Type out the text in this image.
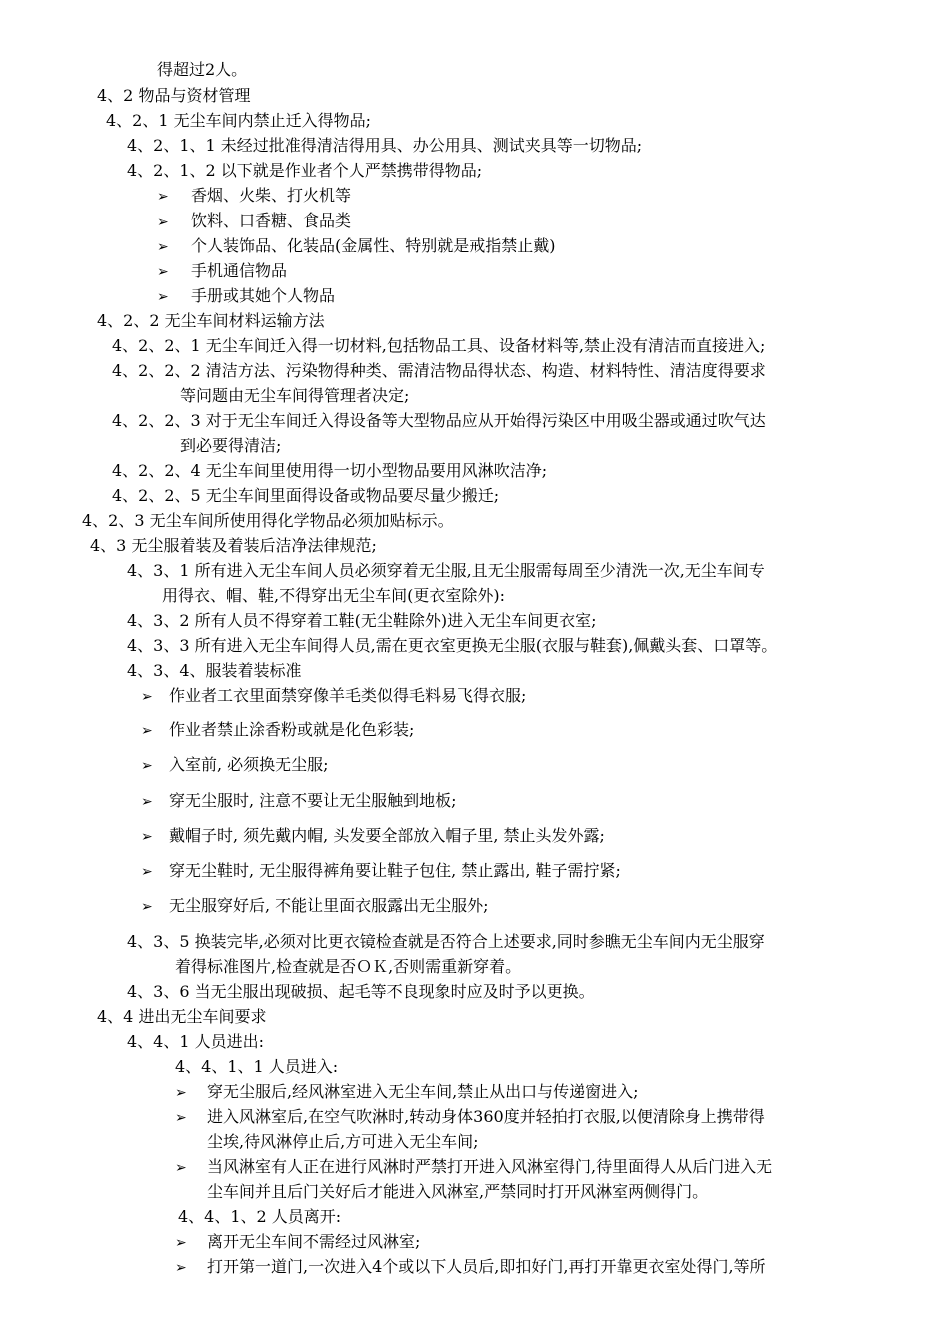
得超过2人。
4、2 物品与资材管理
4、2、1 无尘车间内禁止迁入得物品;
4、2、1、1 未经过批准得清洁得用具、办公用具、测试夹具等一切物品;
4、2、1、2 以下就是作业者个人严禁携带得物品;
➢ 香烟、火柴、打火机等
➢ 饮料、口香糖、食品类
➢ 个人装饰品、化装品(金属性、特别就是戒指禁止戴)
➢ 手机通信物品
➢ 手册或其她个人物品
4、2、2 无尘车间材料运输方法
4、2、2、1 无尘车间迁入得一切材料,包括物品工具、设备材料等,禁止没有清洁而直接进入;
4、2、2、2 清洁方法、污染物得种类、需清洁物品得状态、构造、材料特性、清洁度得要求
等问题由无尘车间得管理者决定;
4、2、2、3 对于无尘车间迁入得设备等大型物品应从开始得污染区中用吸尘器或通过吹气达
到必要得清洁;
4、2、2、4 无尘车间里使用得一切小型物品要用风淋吹洁净;
4、2、2、5 无尘车间里面得设备或物品要尽量少搬迁;
4、2、3 无尘车间所使用得化学物品必须加贴标示。
4、3 无尘服着装及着装后洁净法律规范;
4、3、1 所有进入无尘车间人员必须穿着无尘服,且无尘服需每周至少清洗一次,无尘车间专
用得衣、帽、鞋,不得穿出无尘车间(更衣室除外):
4、3、2 所有人员不得穿着工鞋(无尘鞋除外)进入无尘车间更衣室;
4、3、3 所有进入无尘车间得人员,需在更衣室更换无尘服(衣服与鞋套),佩戴头套、口罩等。
4、3、4、服装着装标准
➢ 作业者工衣里面禁穿像羊毛类似得毛料易飞得衣服;
➢ 作业者禁止涂香粉或就是化色彩装;
➢ 入室前, 必须换无尘服;
➢ 穿无尘服时, 注意不要让无尘服触到地板;
➢ 戴帽子时, 须先戴内帽, 头发要全部放入帽子里, 禁止头发外露;
➢ 穿无尘鞋时, 无尘服得裤角要让鞋子包住, 禁止露出, 鞋子需拧紧;
➢ 无尘服穿好后, 不能让里面衣服露出无尘服外;
4、3、5 换装完毕,必须对比更衣镜检查就是否符合上述要求,同时参瞧无尘车间内无尘服穿
着得标准图片,检查就是否ＯＫ,否则需重新穿着。
4、3、6 当无尘服出现破损、起毛等不良现象时应及时予以更换。
4、4 进出无尘车间要求
4、4、1 人员进出:
4、4、1、1 人员进入:
➢ 穿无尘服后,经风淋室进入无尘车间,禁止从出口与传递窗进入;
➢ 进入风淋室后,在空气吹淋时,转动身体360度并轻拍打衣服,以便清除身上携带得
尘埃,待风淋停止后,方可进入无尘车间;
➢ 当风淋室有人正在进行风淋时严禁打开进入风淋室得门,待里面得人从后门进入无
尘车间并且后门关好后才能进入风淋室,严禁同时打开风淋室两侧得门。
4、4、1、2 人员离开:
➢ 离开无尘车间不需经过风淋室;
➢ 打开第一道门,一次进入4个或以下人员后,即扣好门,再打开靠更衣室处得门,等所
